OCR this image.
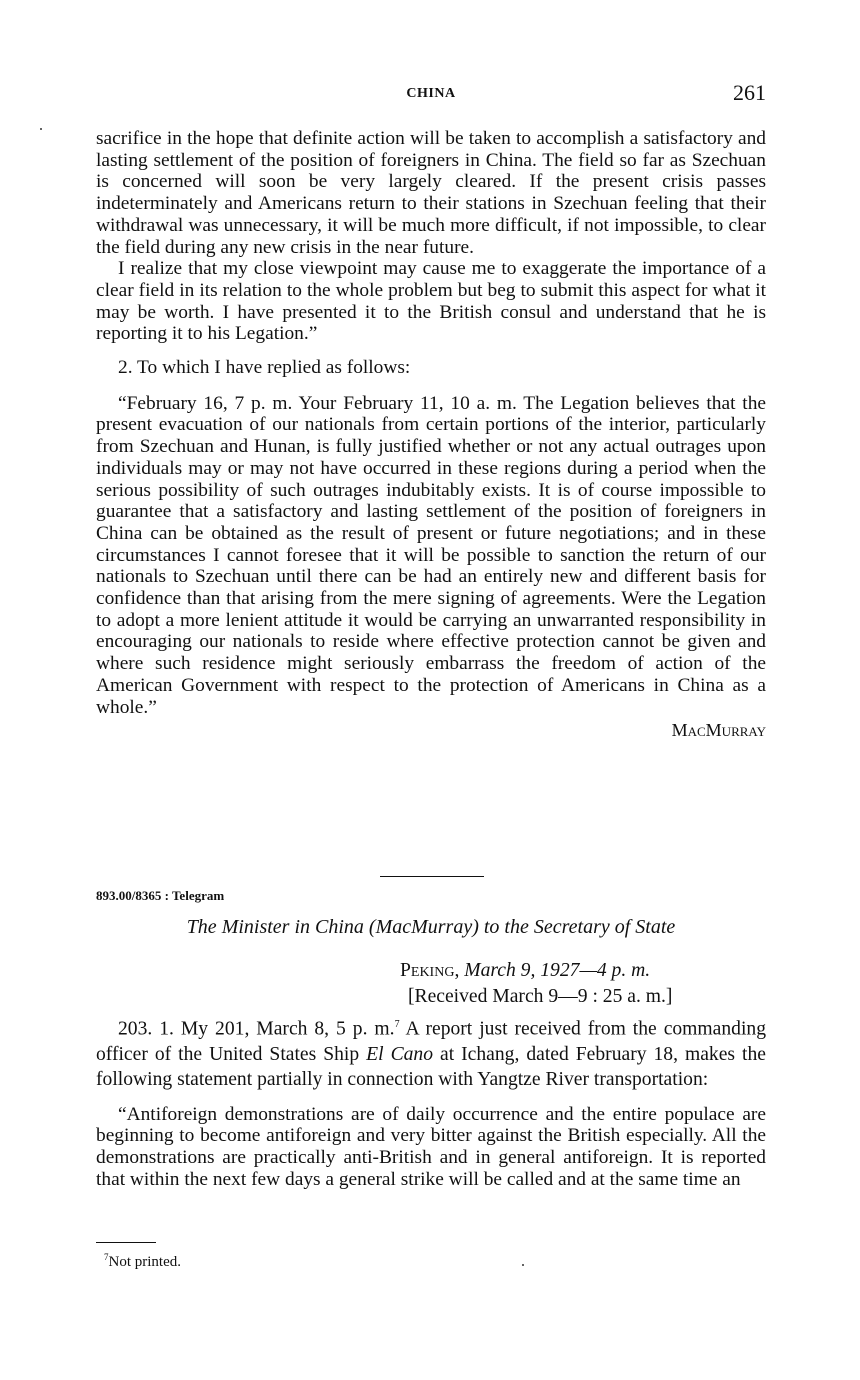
CHINA	261

sacrifice in the hope that definite action will be taken to accomplish a satisfactory and lasting settlement of the position of foreigners in China. The field so far as Szechuan is concerned will soon be very largely cleared. If the present crisis passes indeterminately and Americans return to their stations in Szechuan feeling that their withdrawal was unnecessary, it will be much more difficult, if not impossible, to clear the field during any new crisis in the near future.

I realize that my close viewpoint may cause me to exaggerate the importance of a clear field in its relation to the whole problem but beg to submit this aspect for what it may be worth. I have presented it to the British consul and understand that he is reporting it to his Legation.”

2. To which I have replied as follows:

“February 16, 7 p. m. Your February 11, 10 a. m. The Legation believes that the present evacuation of our nationals from certain portions of the interior, particularly from Szechuan and Hunan, is fully justified whether or not any actual outrages upon individuals may or may not have occurred in these regions during a period when the serious possibility of such outrages indubitably exists. It is of course impossible to guarantee that a satisfactory and lasting settlement of the position of foreigners in China can be obtained as the result of present or future negotiations; and in these circumstances I cannot foresee that it will be possible to sanction the return of our nationals to Szechuan until there can be had an entirely new and different basis for confidence than that arising from the mere signing of agreements. Were the Legation to adopt a more lenient attitude it would be carrying an unwarranted responsibility in encouraging our nationals to reside where effective protection cannot be given and where such residence might seriously embarrass the freedom of action of the American Government with respect to the protection of Americans in China as a whole.”

MacMurray

893.00/8365 : Telegram
The Minister in China (MacMurray) to the Secretary of State
Peking, March 9, 1927—4 p. m.
[Received March 9—9 : 25 a. m.]

203. 1. My 201, March 8, 5 p. m.$^7$ A report just received from the commanding officer of the United States Ship El Cano at Ichang, dated February 18, makes the following statement partially in connection with Yangtze River transportation:

“Antiforeign demonstrations are of daily occurrence and the entire populace are beginning to become antiforeign and very bitter against the British especially. All the demonstrations are practically anti-British and in general antiforeign. It is reported that within the next few days a general strike will be called and at the same time an

$^7$Not printed.
